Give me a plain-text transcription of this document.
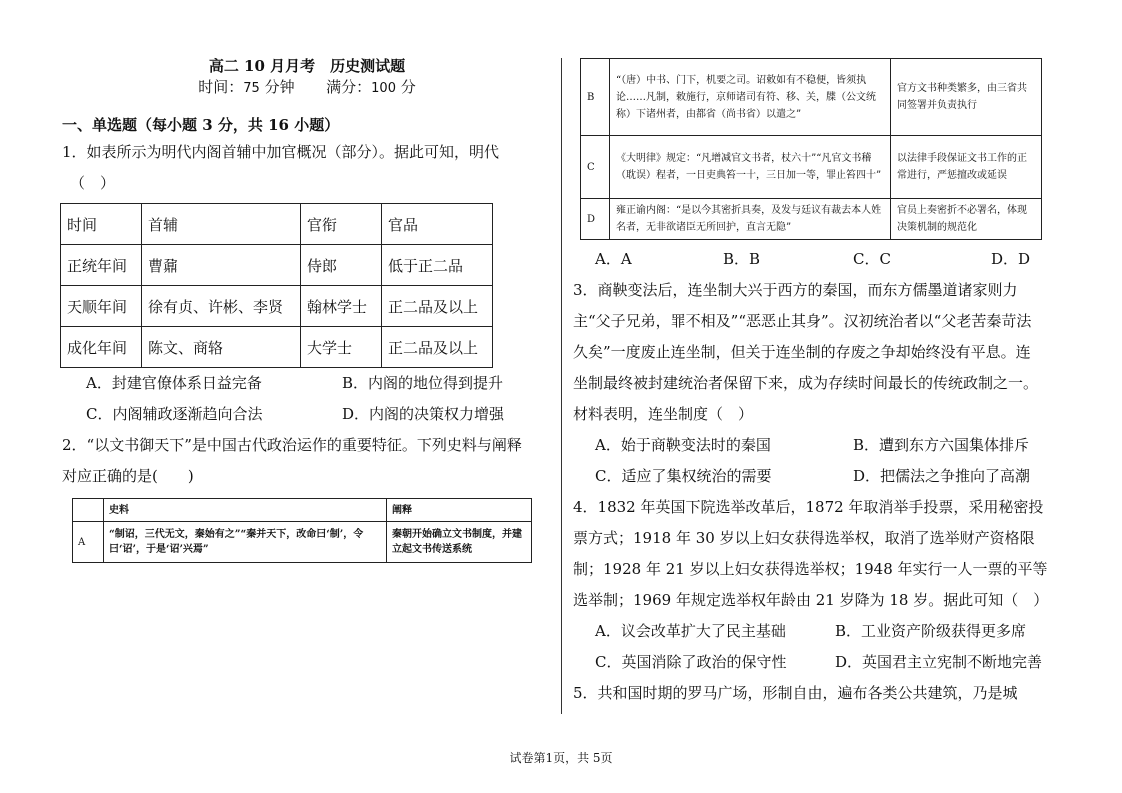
高二 10 月月考　历史测试题
时间：75 分钟 满分：100 分
一、单选题（每小题 3 分，共 16 小题）
1．如表所示为明代内阁首辅中加官概况（部分）。据此可知，明代
（　）
时间	首辅	官衔	官品
正统年间	曹鼐	侍郎	低于正二品
天顺年间	徐有贞、许彬、李贤	翰林学士	正二品及以上
成化年间	陈文、商辂	大学士	正二品及以上
A．封建官僚体系日益完备	B．内阁的地位得到提升
C．内阁辅政逐渐趋向合法	D．内阁的决策权力增强
2．“以文书御天下”是中国古代政治运作的重要特征。下列史料与阐释
对应正确的是(　　)
	史料	阐释
A	“制诏，三代无文，秦始有之”“秦并天下，改命曰‘制’，令曰‘诏’，于是‘诏’兴焉”	秦朝开始确立文书制度，并建立起文书传送系统
B	“（唐）中书、门下，机要之司。诏敕如有不稳便，皆须执论……凡制，敕施行，京师诸司有符、移、关，牒（公文统称）下诸州者，由都省（尚书省）以遣之”	官方文书种类繁多，由三省共同签署并负责执行
C	《大明律》规定：“凡增减官文书者，杖六十”“凡官文书稽（耽误）程者，一日吏典笞一十，三日加一等，罪止笞四十”	以法律手段保证文书工作的正常进行，严惩擅改或延误
D	雍正谕内阁：“是以今其密折具奏，及发与廷议有裁去本人姓名者，无非欲诸臣无所回护，直言无隐”	官员上奏密折不必署名，体现决策机制的规范化
A．A	B．B	C．C	D．D
3．商鞅变法后，连坐制大兴于西方的秦国，而东方儒墨道诸家则力
主“父子兄弟，罪不相及”“恶恶止其身”。汉初统治者以“父老苦秦苛法
久矣”一度废止连坐制，但关于连坐制的存废之争却始终没有平息。连
坐制最终被封建统治者保留下来，成为存续时间最长的传统政制之一。
材料表明，连坐制度（　）
A．始于商鞅变法时的秦国	B．遭到东方六国集体排斥
C．适应了集权统治的需要	D．把儒法之争推向了高潮
4．1832 年英国下院选举改革后，1872 年取消举手投票，采用秘密投
票方式；1918 年 30 岁以上妇女获得选举权，取消了选举财产资格限
制；1928 年 21 岁以上妇女获得选举权；1948 年实行一人一票的平等
选举制；1969 年规定选举权年龄由 21 岁降为 18 岁。据此可知（　）
A．议会改革扩大了民主基础	B．工业资产阶级获得更多席
C．英国消除了政治的保守性	D．英国君主立宪制不断地完善
5．共和国时期的罗马广场，形制自由，遍布各类公共建筑，乃是城
试卷第1页，共 5页
